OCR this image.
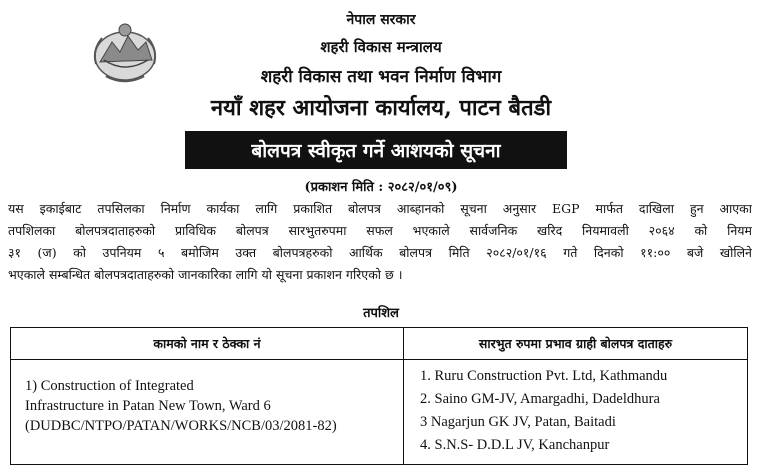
नेपाल सरकार
शहरी विकास मन्त्रालय
शहरी विकास तथा भवन निर्माण विभाग
नयाँ शहर आयोजना कार्यालय, पाटन बैतडी
बोलपत्र स्वीकृत गर्ने आशयको सूचना
(प्रकाशन मिति : २०८२/०१/०९)
यस इकाईबाट तपसिलका निर्माण कार्यका लागि प्रकाशित बोलपत्र आब्हानको सूचना अनुसार EGP मार्फत दाखिला हुन आएका
तपशिलका बोलपत्रदाताहरुको प्राविधिक बोलपत्र सारभुतरुपमा सफल भएकाले सार्वजनिक खरिद नियमावली २०६४ को नियम
३१ (ज) को उपनियम ५ बमोजिम उक्त बोलपत्रहरुको आर्थिक बोलपत्र मिति २०८२/०१/१६ गते दिनको ११:०० बजे खोलिने
भएकाले सम्बन्धित बोलपत्रदाताहरुको जानकारिका लागि यो सूचना प्रकाशन गरिएको छ ।
तपशिल
कामको नाम र ठेक्का नं	सारभुत रुपमा प्रभाव ग्राही बोलपत्र दाताहरु
1) Construction of Integrated
Infrastructure in Patan New Town, Ward 6
(DUDBC/NTPO/PATAN/WORKS/NCB/03/2081-82)
1. Ruru Construction Pvt. Ltd, Kathmandu
2. Saino GM-JV, Amargadhi, Dadeldhura
3 Nagarjun GK JV, Patan, Baitadi
4. S.N.S- D.D.L JV, Kanchanpur
